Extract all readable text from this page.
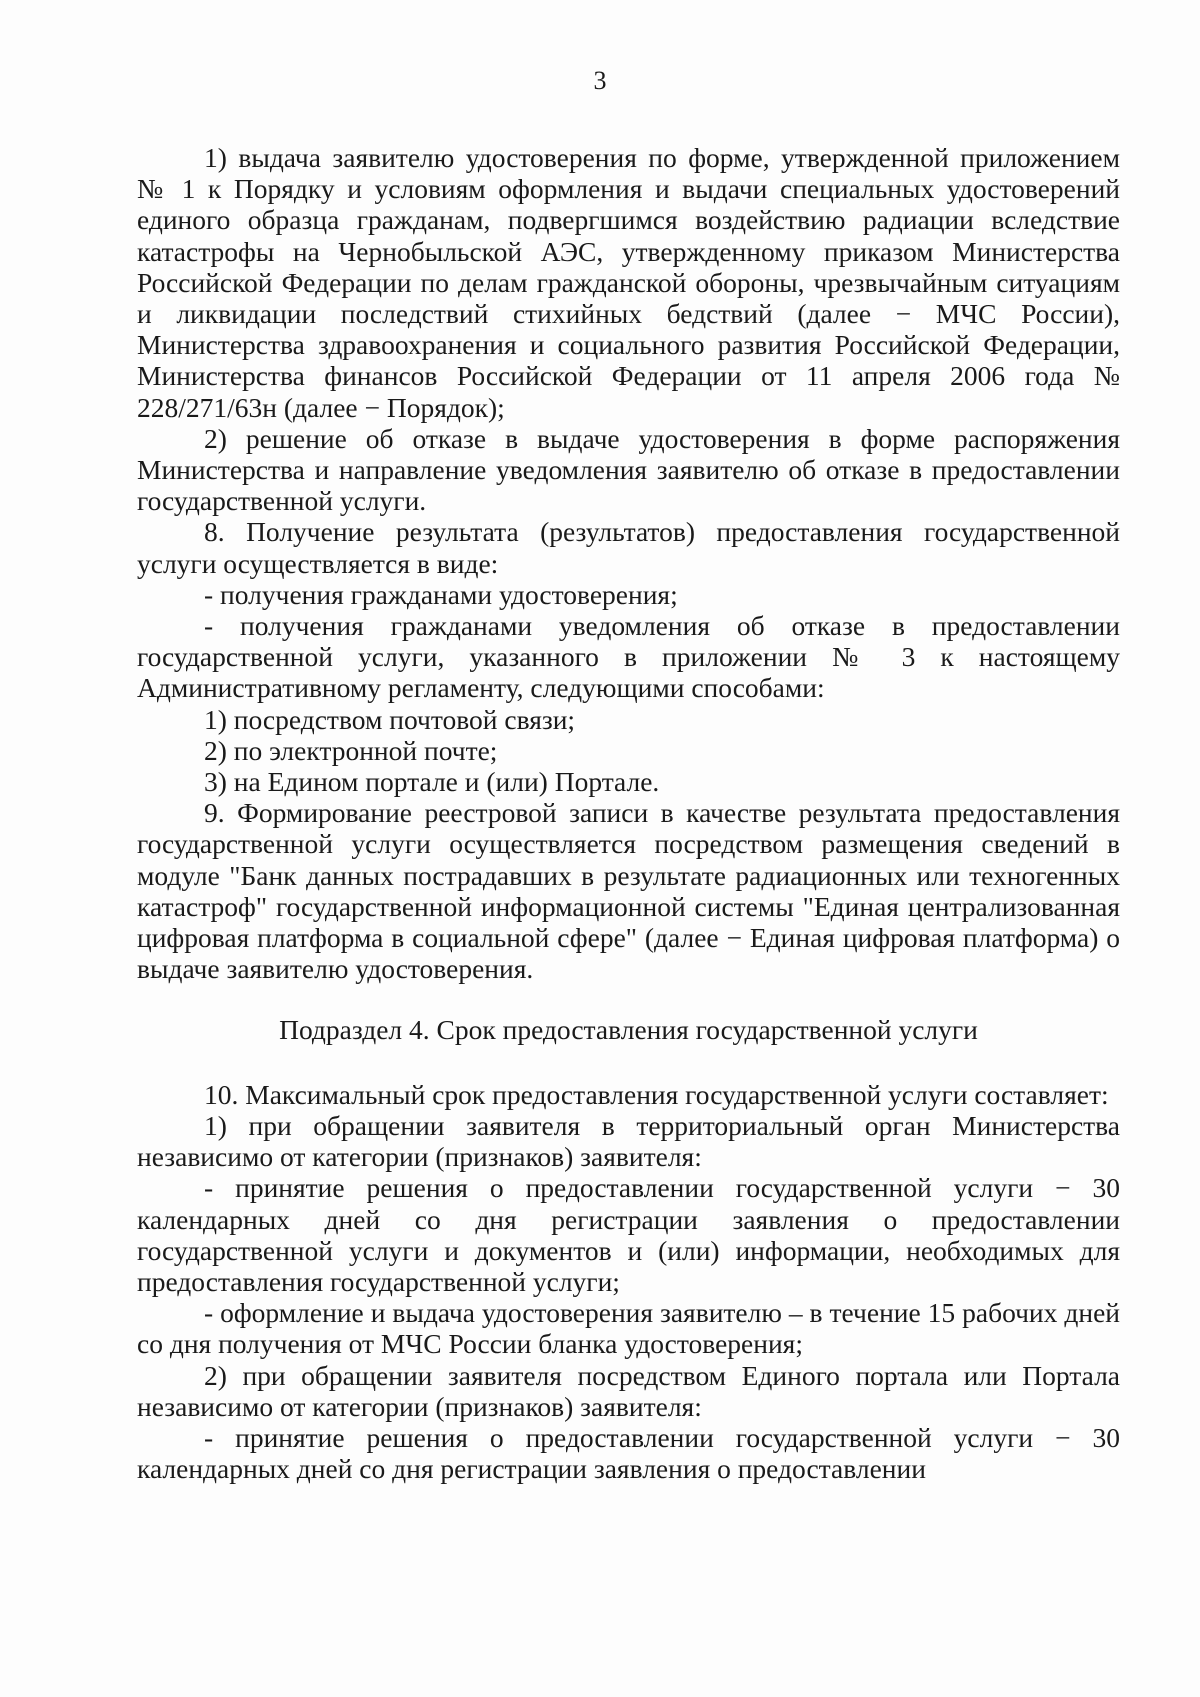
3

1) выдача заявителю удостоверения по форме, утвержденной приложением № 1 к Порядку и условиям оформления и выдачи специальных удостоверений единого образца гражданам, подвергшимся воздействию радиации вследствие катастрофы на Чернобыльской АЭС, утвержденному приказом Министерства Российской Федерации по делам гражданской обороны, чрезвычайным ситуациям и ликвидации последствий стихийных бедствий (далее − МЧС России), Министерства здравоохранения и социального развития Российской Федерации, Министерства финансов Российской Федерации от 11 апреля 2006 года № 228/271/63н (далее − Порядок);

2) решение об отказе в выдаче удостоверения в форме распоряжения Министерства и направление уведомления заявителю об отказе в предоставлении государственной услуги.

8. Получение результата (результатов) предоставления государственной услуги осуществляется в виде:

- получения гражданами удостоверения;

- получения гражданами уведомления об отказе в предоставлении государственной услуги, указанного в приложении № 3 к настоящему Административному регламенту, следующими способами:

1) посредством почтовой связи;

2) по электронной почте;

3) на Едином портале и (или) Портале.

9. Формирование реестровой записи в качестве результата предоставления государственной услуги осуществляется посредством размещения сведений в модуле "Банк данных пострадавших в результате радиационных или техногенных катастроф" государственной информационной системы "Единая централизованная цифровая платформа в социальной сфере" (далее − Единая цифровая платформа) о выдаче заявителю удостоверения.

Подраздел 4. Срок предоставления государственной услуги

10. Максимальный срок предоставления государственной услуги составляет:

1) при обращении заявителя в территориальный орган Министерства независимо от категории (признаков) заявителя:

- принятие решения о предоставлении государственной услуги − 30 календарных дней со дня регистрации заявления о предоставлении государственной услуги и документов и (или) информации, необходимых для предоставления государственной услуги;

- оформление и выдача удостоверения заявителю – в течение 15 рабочих дней со дня получения от МЧС России бланка удостоверения;

2) при обращении заявителя посредством Единого портала или Портала независимо от категории (признаков) заявителя:

- принятие решения о предоставлении государственной услуги − 30 календарных дней со дня регистрации заявления о предоставлении
